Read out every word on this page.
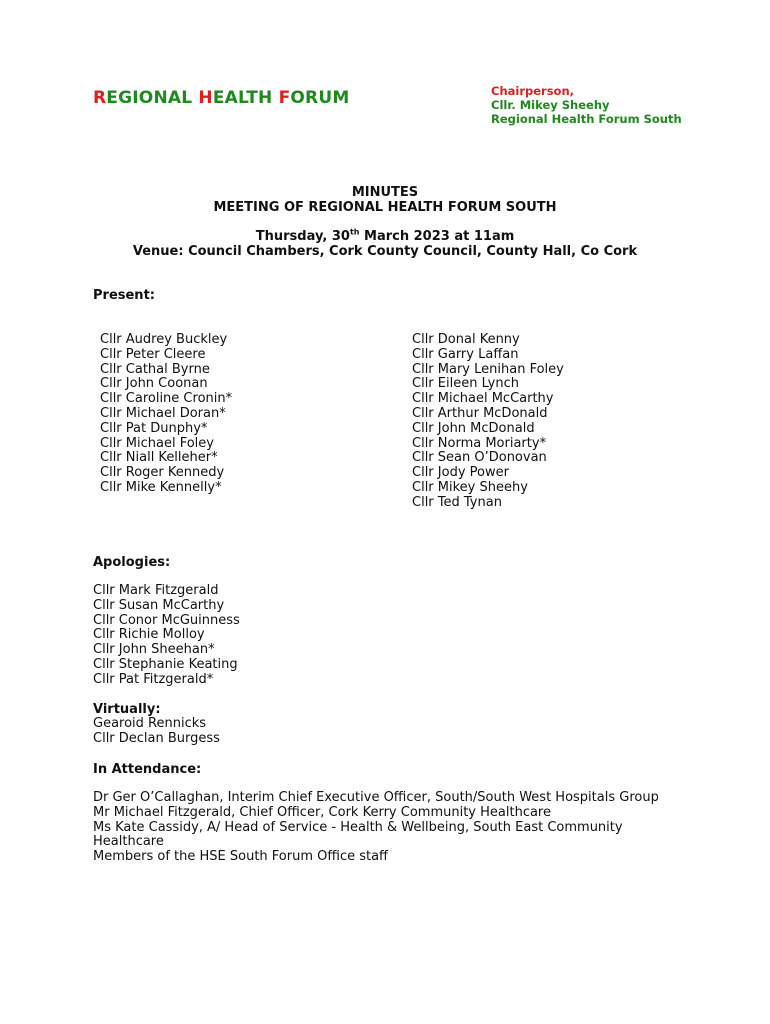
REGIONAL HEALTH FORUM	Chairperson,
Cllr. Mikey Sheehy
Regional Health Forum South
MINUTES
MEETING OF REGIONAL HEALTH FORUM SOUTH
Thursday, 30th March 2023 at 11am
Venue: Council Chambers, Cork County Council, County Hall, Co Cork
Present:
Cllr Audrey Buckley
Cllr Peter Cleere
Cllr Cathal Byrne
Cllr John Coonan
Cllr Caroline Cronin*
Cllr Michael Doran*
Cllr Pat Dunphy*
Cllr Michael Foley
Cllr Niall Kelleher*
Cllr Roger Kennedy
Cllr Mike Kennelly*
Cllr Donal Kenny
Cllr Garry Laffan
Cllr Mary Lenihan Foley
Cllr Eileen Lynch
Cllr Michael McCarthy
Cllr Arthur McDonald
Cllr John McDonald
Cllr Norma Moriarty*
Cllr Sean O’Donovan
Cllr Jody Power
Cllr Mikey Sheehy
Cllr Ted Tynan
Apologies:
Cllr Mark Fitzgerald
Cllr Susan McCarthy
Cllr Conor McGuinness
Cllr Richie Molloy
Cllr John Sheehan*
Cllr Stephanie Keating
Cllr Pat Fitzgerald*
Virtually:
Gearoid Rennicks
Cllr Declan Burgess
In Attendance:
Dr Ger O’Callaghan, Interim Chief Executive Officer, South/South West Hospitals Group
Mr Michael Fitzgerald, Chief Officer, Cork Kerry Community Healthcare
Ms Kate Cassidy, A/ Head of Service - Health & Wellbeing, South East Community Healthcare
Members of the HSE South Forum Office staff
